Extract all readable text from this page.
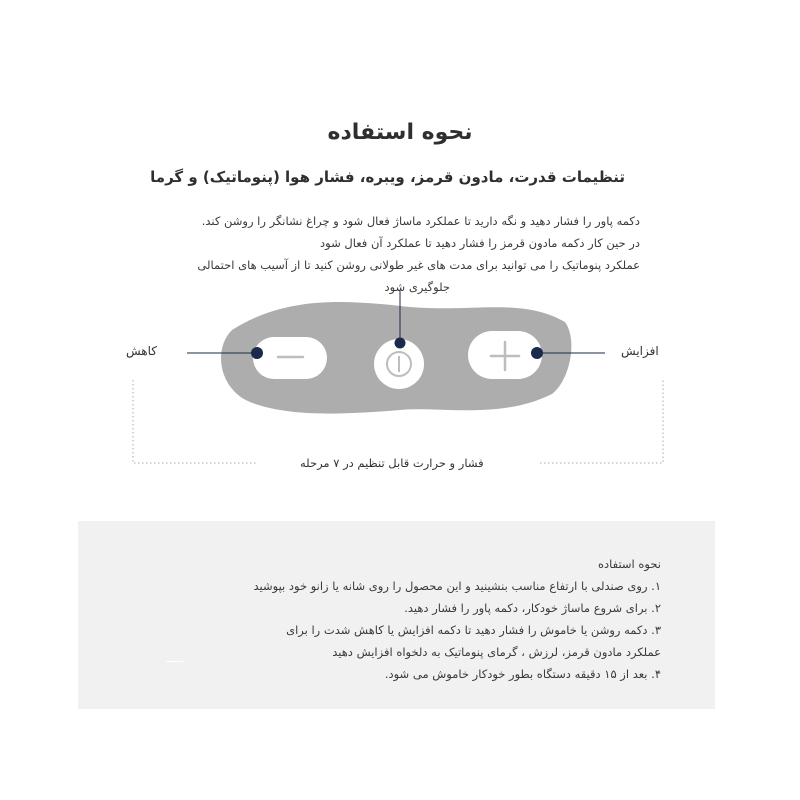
نحوه استفاده
تنظیمات قدرت، مادون قرمز، ویبره، فشار هوا (پنوماتیک) و گرما
دکمه پاور را فشار دهید و نگه دارید تا عملکرد ماساژ فعال شود و چراغ نشانگر را روشن کند.
در حین کار دکمه مادون قرمز را فشار دهید تا عملکرد آن فعال شود
عملکرد پنوماتیک را می توانید برای مدت های غیر طولانی روشن کنید تا از آسیب های احتمالی
جلوگیری شود
کاهش	افزایش
فشار و حرارت قابل تنظیم در ۷ مرحله
نحوه استفاده
۱. روی صندلی با ارتفاع مناسب بنشینید و این محصول را روی شانه یا زانو خود بپوشید
۲. برای شروع ماساژ خودکار، دکمه پاور را فشار دهید.
۳. دکمه روشن یا خاموش را فشار دهید تا دکمه افزایش یا کاهش شدت را برای
عملکرد مادون قرمز، لرزش ، گرمای پنوماتیک به دلخواه افزایش دهید
۴. بعد از ۱۵ دقیقه دستگاه بطور خودکار خاموش می شود.
